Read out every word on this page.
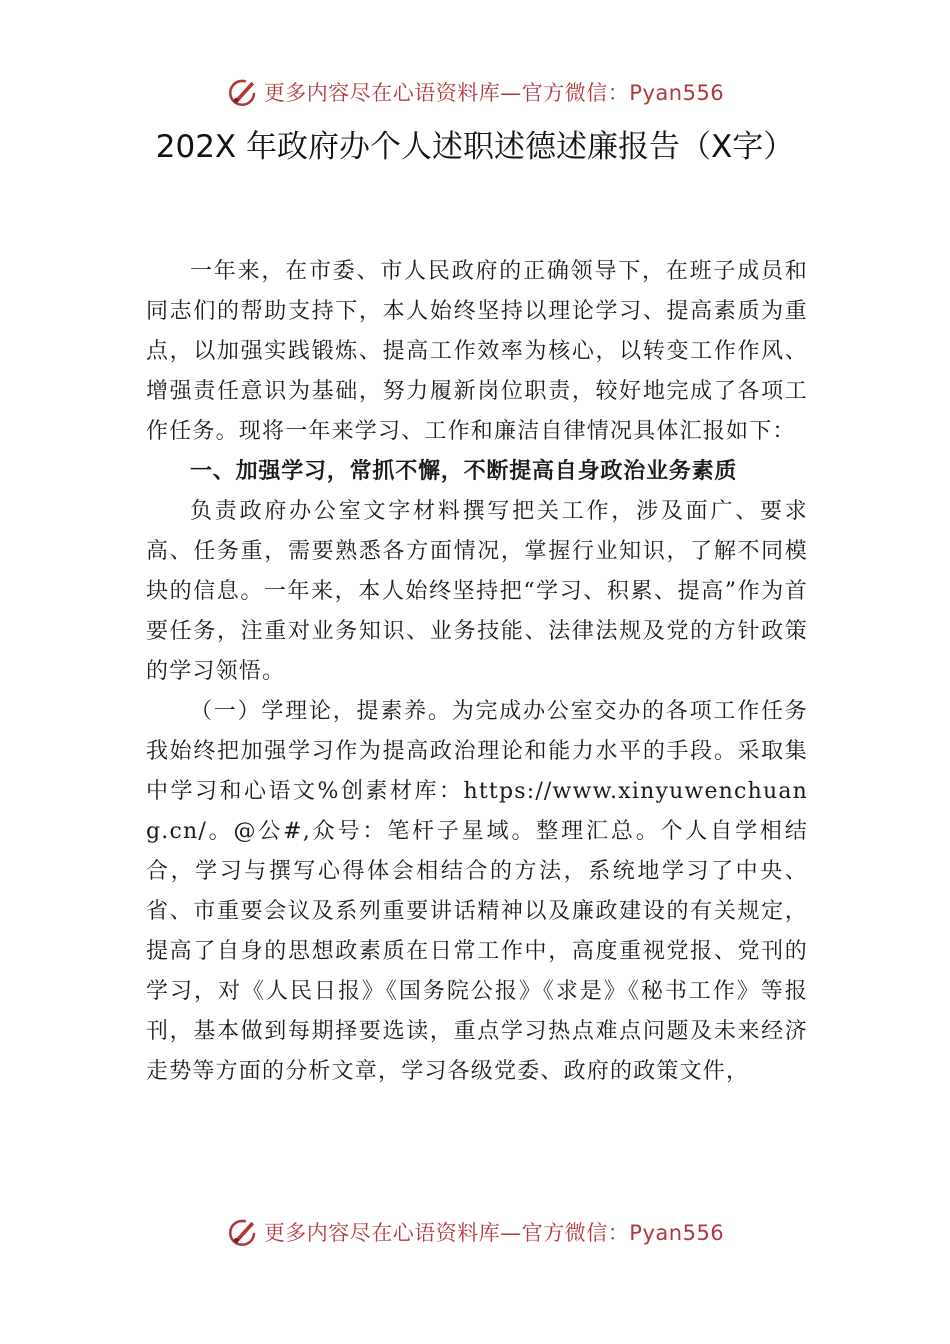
更多内容尽在心语资料库—官方微信：Pyan556
202X 年政府办个人述职述德述廉报告（X字）

一年来，在市委、市人民政府的正确领导下，在班子成员和同志们的帮助支持下，本人始终坚持以理论学习、提高素质为重点，以加强实践锻炼、提高工作效率为核心，以转变工作作风、增强责任意识为基础，努力履新岗位职责，较好地完成了各项工作任务。现将一年来学习、工作和廉洁自律情况具体汇报如下：

一、加强学习，常抓不懈，不断提高自身政治业务素质

负责政府办公室文字材料撰写把关工作，涉及面广、要求高、任务重，需要熟悉各方面情况，掌握行业知识，了解不同模块的信息。一年来，本人始终坚持把“学习、积累、提高”作为首要任务，注重对业务知识、业务技能、法律法规及党的方针政策的学习领悟。

（一）学理论，提素养。为完成办公室交办的各项工作任务我始终把加强学习作为提高政治理论和能力水平的手段。采取集中学习和心语文%创素材库：https://www.xinyuwenchuang.cn/。@公#,众号：笔杆子星域。整理汇总。个人自学相结合，学习与撰写心得体会相结合的方法，系统地学习了中央、省、市重要会议及系列重要讲话精神以及廉政建设的有关规定，提高了自身的思想政素质在日常工作中，高度重视党报、党刊的学习，对《人民日报》《国务院公报》《求是》《秘书工作》等报刊，基本做到每期择要选读，重点学习热点难点问题及未来经济走势等方面的分析文章，学习各级党委、政府的政策文件，

更多内容尽在心语资料库—官方微信：Pyan556
